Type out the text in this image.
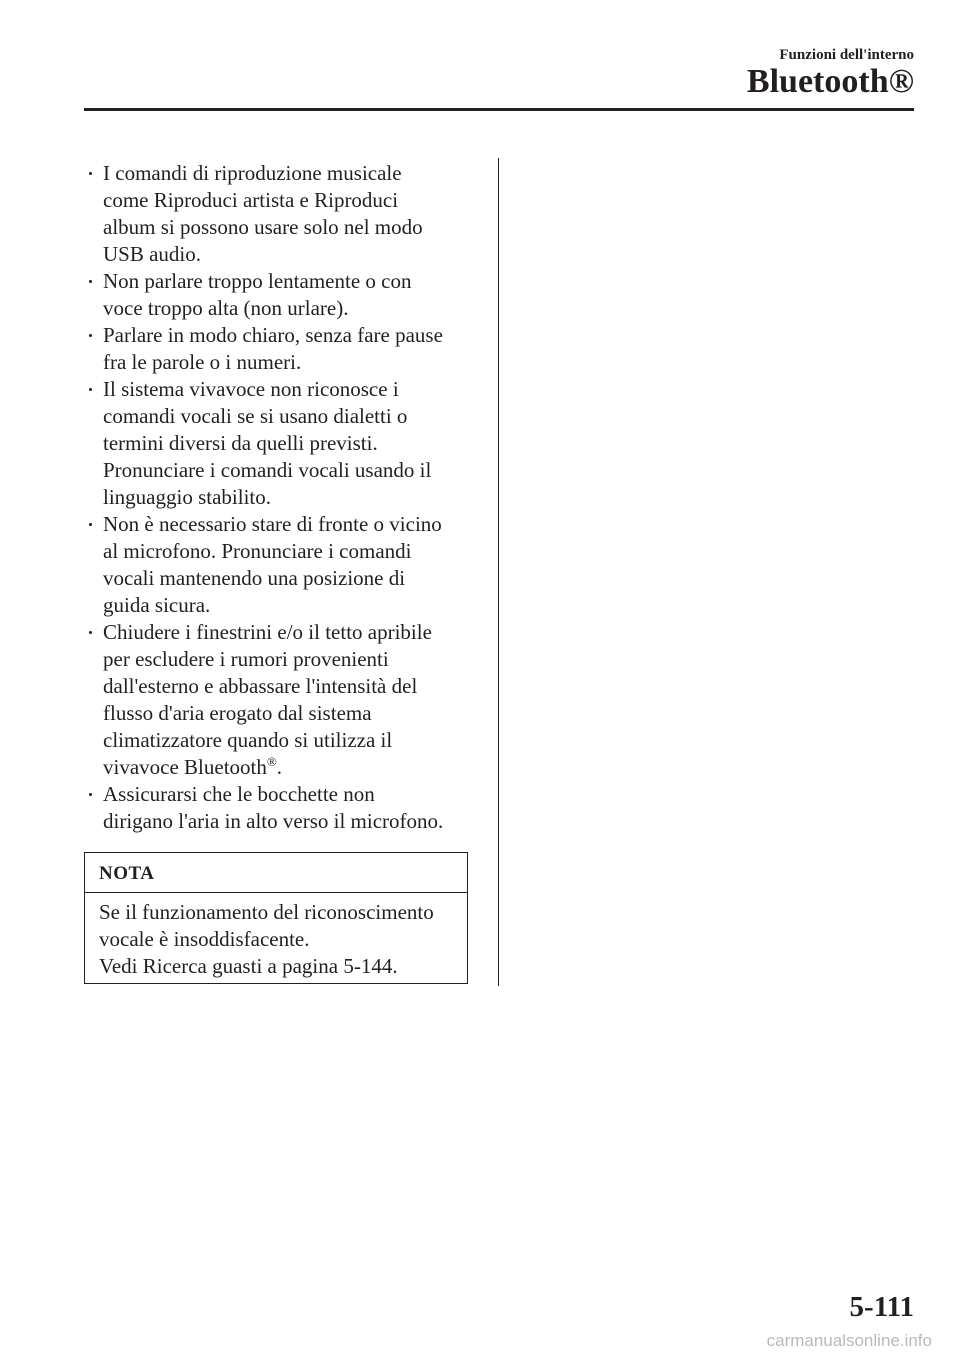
Funzioni dell'interno
Bluetooth®
I comandi di riproduzione musicale
come Riproduci artista e Riproduci
album si possono usare solo nel modo
USB audio.
Non parlare troppo lentamente o con
voce troppo alta (non urlare).
Parlare in modo chiaro, senza fare pause
fra le parole o i numeri.
Il sistema vivavoce non riconosce i
comandi vocali se si usano dialetti o
termini diversi da quelli previsti.
Pronunciare i comandi vocali usando il
linguaggio stabilito.
Non è necessario stare di fronte o vicino
al microfono. Pronunciare i comandi
vocali mantenendo una posizione di
guida sicura.
Chiudere i finestrini e/o il tetto apribile
per escludere i rumori provenienti
dall'esterno e abbassare l'intensità del
flusso d'aria erogato dal sistema
climatizzatore quando si utilizza il
vivavoce Bluetooth®.
Assicurarsi che le bocchette non
dirigano l'aria in alto verso il microfono.
NOTA
Se il funzionamento del riconoscimento
vocale è insoddisfacente.
Vedi Ricerca guasti a pagina 5-144.
5-111
carmanualsonline.info
